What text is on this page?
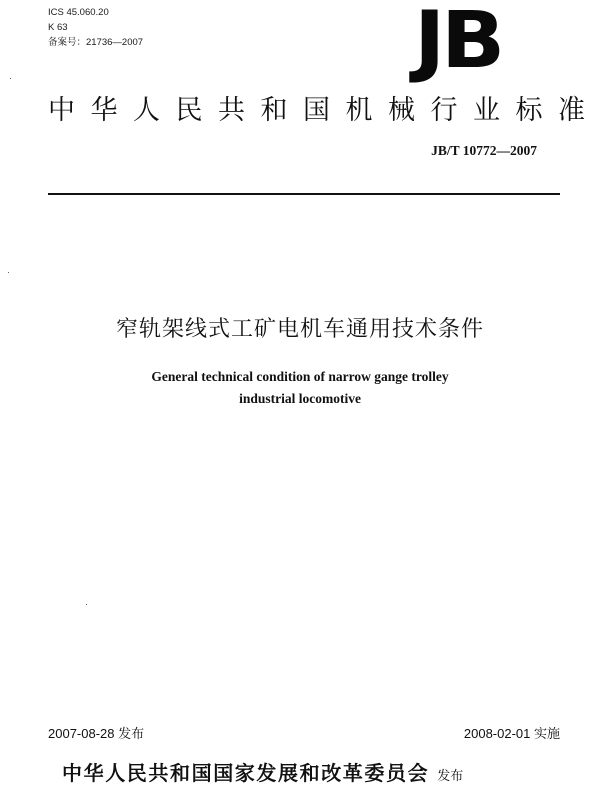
ICS 45.060.20
K 63
备案号：21736—2007	JB
中华人民共和国机械行业标准
JB/T 10772—2007
窄轨架线式工矿电机车通用技术条件
General technical condition of narrow gange trolley
industrial locomotive
2007-08-28 发布	2008-02-01 实施
中华人民共和国国家发展和改革委员会 发布
